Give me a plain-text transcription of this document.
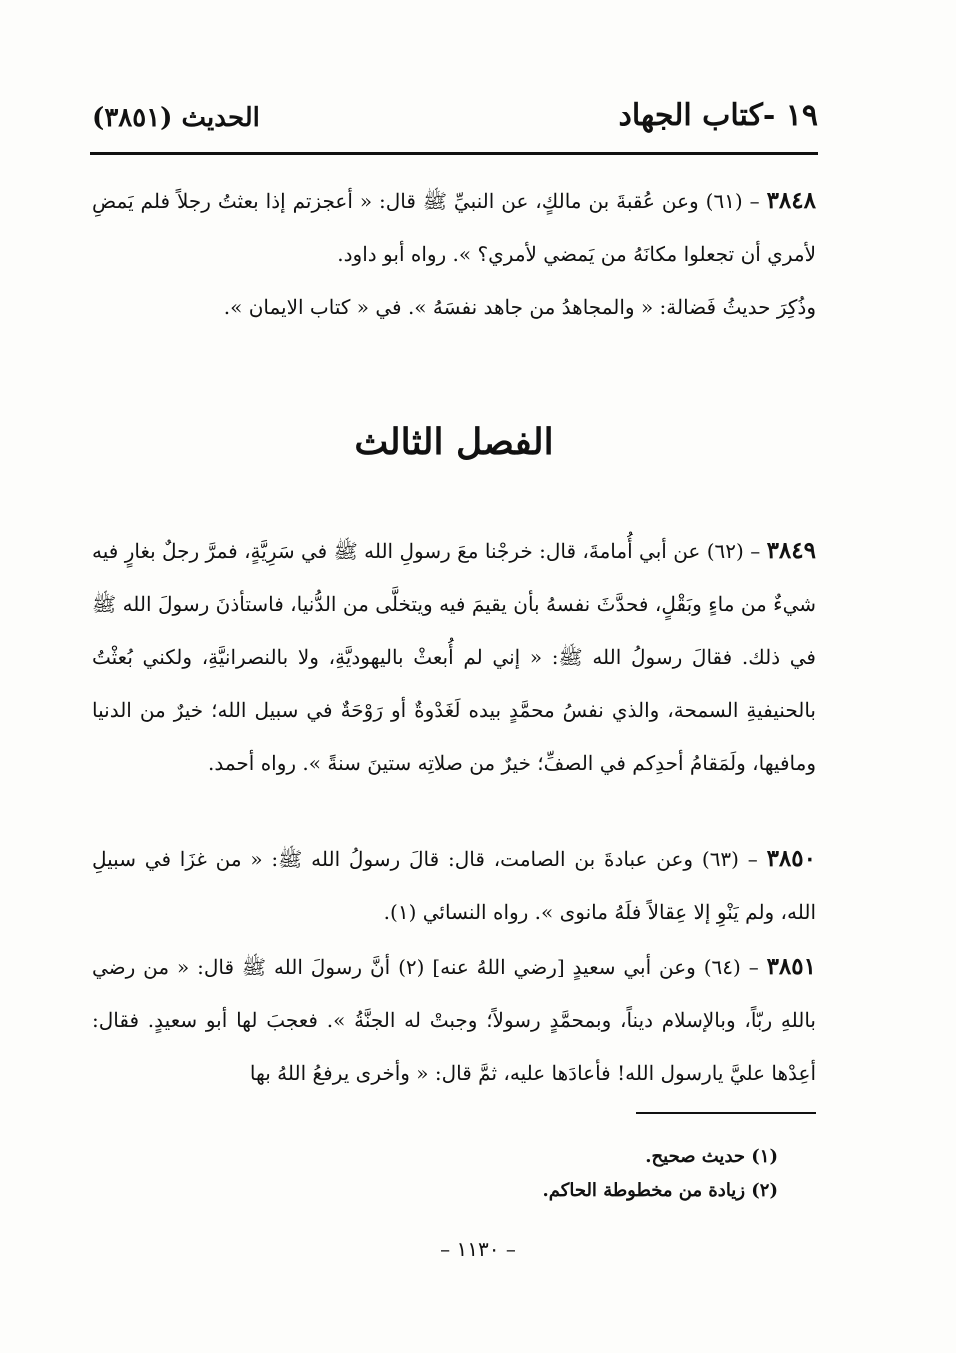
١٩ -كتاب الجهاد
الحديث (٣٨٥١)

٣٨٤٨ – (٦١) وعن عُقبةَ بن مالكٍ، عن النبيِّ ﷺ قال: « أعجزتم إذا بعثتُ رجلاً فلم يَمضِ لأمري أن تجعلوا مكانَهُ من يَمضي لأمري؟ ». رواه أبو داود.

وذُكِرَ حديثُ فَضالة: « والمجاهدُ من جاهد نفسَهُ ». في « كتاب الايمان ».

الفصل الثالث

٣٨٤٩ – (٦٢) عن أبي أُمامةَ، قال: خرجْنا معَ رسولِ الله ﷺ في سَرِيَّةٍ، فمرَّ رجلٌ بغارٍ فيه شيءٌ من ماءٍ وبَقْلٍ، فحدَّثَ نفسهُ بأن يقيمَ فيه ويتخلَّى من الدُّنيا، فاستأذنَ رسولَ الله ﷺ في ذلك. فقالَ رسولُ الله ﷺ: « إني لم أُبعثْ باليهوديَّةِ، ولا بالنصرانيَّةِ، ولكني بُعثْتُ بالحنيفيةِ السمحة، والذي نفسُ محمَّدٍ بيده لَغَدْوةٌ أو رَوْحَةٌ في سبيل الله؛ خيرٌ من الدنيا ومافيها، ولَمَقامُ أحدِكم في الصفِّ؛ خيرٌ من صلاتِه ستينَ سنةً ». رواه أحمد.

٣٨٥٠ – (٦٣) وعن عبادةَ بن الصامت، قال: قالَ رسولُ الله ﷺ: « من غزَا في سبيلِ الله، ولم يَنْوِ إلا عِقالاً فلَهُ مانوى ». رواه النسائي (١).

٣٨٥١ – (٦٤) وعن أبي سعيدٍ [رضي اللهُ عنه] (٢) أنَّ رسولَ الله ﷺ قال: « من رضي باللهِ ربّاً، وبالإسلام ديناً، وبمحمَّدٍ رسولاً؛ وجبتْ له الجنَّةُ ». فعجبَ لها أبو سعيدٍ. فقال: أعِدْها عليَّ يارسول الله! فأعادَها عليه، ثمَّ قال: « وأخرى يرفعُ اللهُ بها

(١) حديث صحيح.

(٢) زيادة من مخطوطة الحاكم.

– ١١٣٠ –
